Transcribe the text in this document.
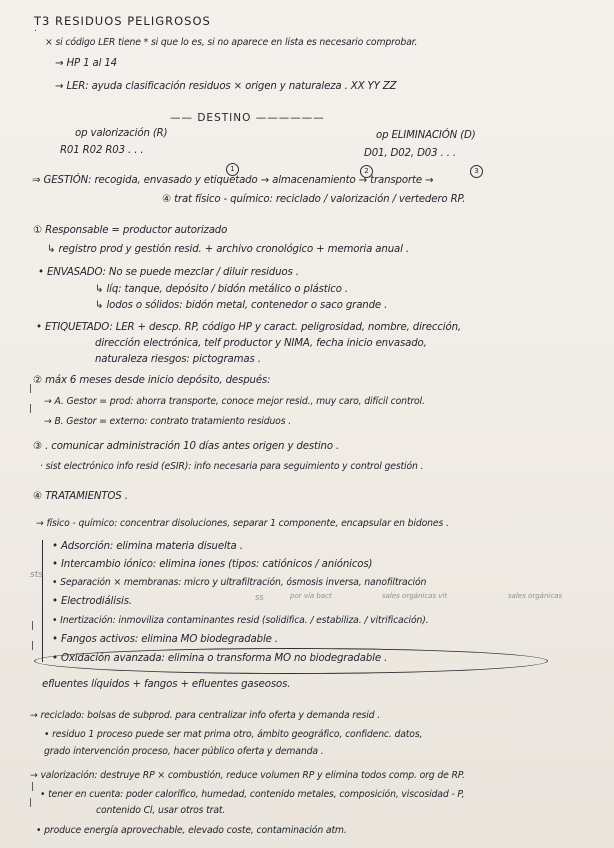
T3 RESIDUOS PELIGROSOS
× si código LER tiene * si que lo es, si no aparece en lista es necesario comprobar.
→ HP 1 al 14
→ LER: ayuda clasificación residuos × origen y naturaleza . XX YY ZZ
—— DESTINO ——————
op valorización (R)
R01 R02 R03 . . .
op ELIMINACIÓN (D)
D01, D02, D03 . . .
1	2	3
⇒ GESTIÓN: recogida, envasado y etiquetado → almacenamiento → transporte →
④ trat físico - químico: reciclado / valorización / vertedero RP.
① Responsable = productor autorizado
↳ registro prod y gestión resid. + archivo cronológico + memoria anual .
• ENVASADO: No se puede mezclar / diluir residuos .
↳ líq: tanque, depósito / bidón metálico o plástico .
↳ lodos o sólidos: bidón metal, contenedor o saco grande .
• ETIQUETADO: LER + descp. RP, código HP y caract. peligrosidad, nombre, dirección,
dirección electrónica, telf productor y NIMA, fecha inicio envasado,
naturaleza riesgos: pictogramas .
② máx 6 meses desde inicio depósito, después:
→ A. Gestor = prod: ahorra transporte, conoce mejor resid., muy caro, difícil control.
→ B. Gestor = externo: contrato tratamiento residuos .
③ . comunicar administración 10 días antes origen y destino .
· sist electrónico info resid (eSIR): info necesaria para seguimiento y control gestión .
④ TRATAMIENTOS .
→ físico - químico: concentrar disoluciones, separar 1 componente, encapsular en bidones .
sts
• Adsorción: elimina materia disuelta .
• Intercambio iónico: elimina iones (tipos: catiónicos / aniónicos)
• Separación × membranas: micro y ultrafiltración, ósmosis inversa, nanofiltración
• Electrodiálisis.	SS	por vía bact	sales orgánicas vit	sales orgánicas
• Inertización: inmoviliza contaminantes resid (solidifica. / estabiliza. / vitrificación).
• Fangos activos: elimina MO biodegradable .
• Oxidación avanzada: elimina o transforma MO no biodegradable .
efluentes líquidos + fangos + efluentes gaseosos.
→ reciclado: bolsas de subprod. para centralizar info oferta y demanda resid .
• residuo 1 proceso puede ser mat prima otro, ámbito geográfico, confidenc. datos,
grado intervención proceso, hacer público oferta y demanda .
→ valorización: destruye RP × combustión, reduce volumen RP y elimina todos comp. org de RP.
• tener en cuenta: poder calorífico, humedad, contenido metales, composición, viscosidad - P,
contenido Cl, usar otros trat.
• produce energía aprovechable, elevado coste, contaminación atm.
